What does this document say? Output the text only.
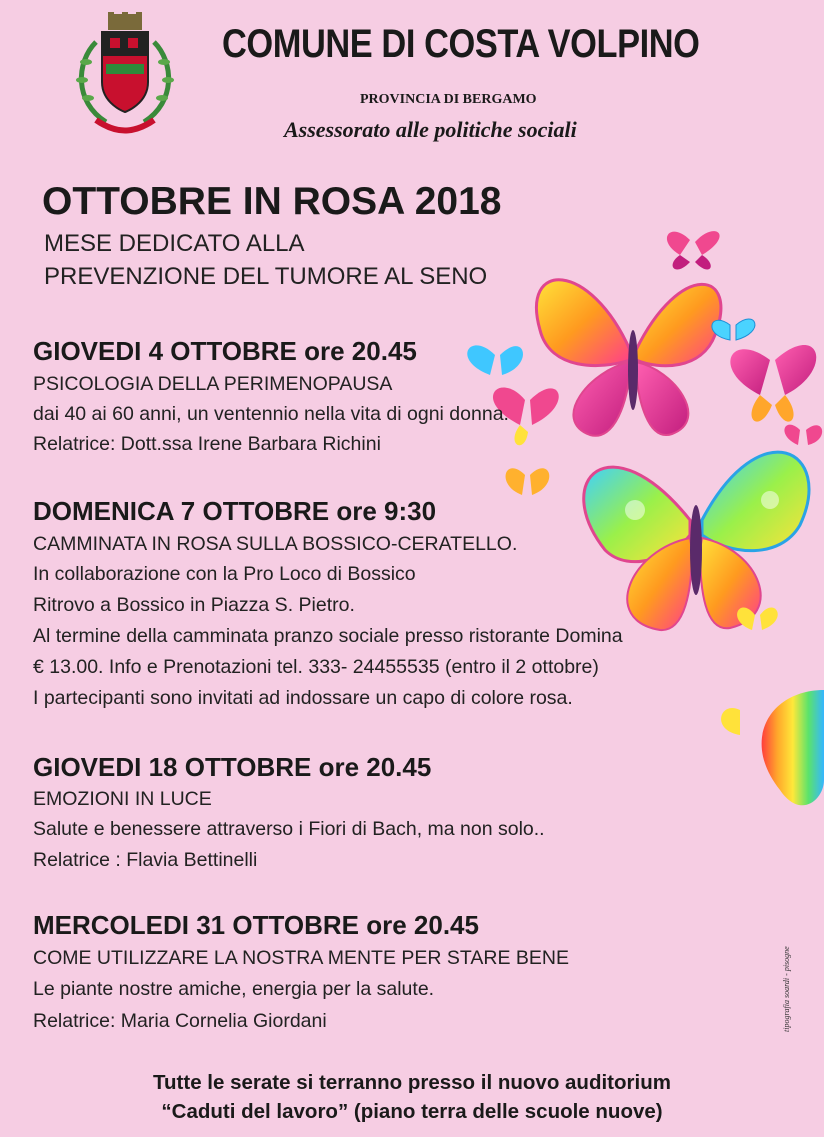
COMUNE DI COSTA VOLPINO
PROVINCIA DI BERGAMO
Assessorato alle politiche sociali
OTTOBRE IN ROSA 2018
MESE DEDICATO ALLA
PREVENZIONE DEL TUMORE AL SENO
GIOVEDI 4 OTTOBRE ore 20.45
PSICOLOGIA DELLA PERIMENOPAUSA
dai 40 ai 60 anni, un ventennio nella vita di ogni donna.
Relatrice: Dott.ssa Irene Barbara Richini
DOMENICA 7 OTTOBRE ore 9:30
CAMMINATA IN ROSA SULLA BOSSICO-CERATELLO.
In collaborazione con la Pro Loco di Bossico
Ritrovo a Bossico in Piazza S. Pietro.
Al termine della camminata pranzo sociale presso ristorante Domina
€ 13.00. Info e Prenotazioni tel. 333- 24455535 (entro il 2 ottobre)
I partecipanti sono invitati ad indossare un capo di colore rosa.
GIOVEDI 18 OTTOBRE ore 20.45
EMOZIONI IN LUCE
Salute e benessere attraverso i Fiori di Bach, ma non solo..
Relatrice : Flavia Bettinelli
MERCOLEDI 31 OTTOBRE ore 20.45
COME UTILIZZARE LA NOSTRA MENTE PER STARE BENE
Le piante nostre amiche, energia per la salute.
Relatrice: Maria Cornelia Giordani
Tutte le serate si terranno presso il nuovo auditorium
“Caduti del lavoro” (piano terra delle scuole nuove)
tipografia soardi - pisogne
